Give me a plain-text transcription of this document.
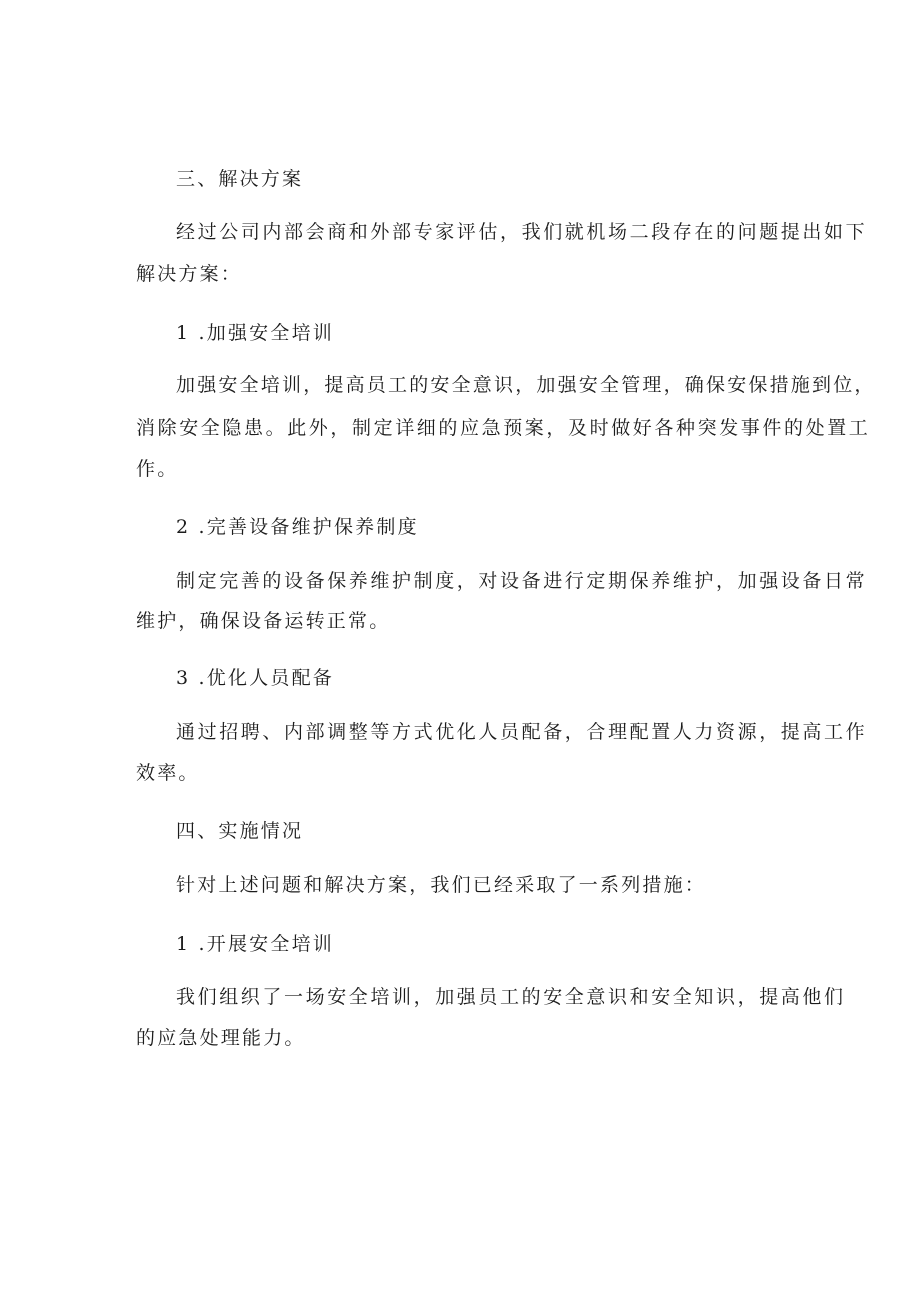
三、解决方案
经过公司内部会商和外部专家评估，我们就机场二段存在的问题提出如下
解决方案：
1 .加强安全培训
加强安全培训，提高员工的安全意识，加强安全管理，确保安保措施到位，
消除安全隐患。此外，制定详细的应急预案，及时做好各种突发事件的处置工
作。
2 .完善设备维护保养制度
制定完善的设备保养维护制度，对设备进行定期保养维护，加强设备日常
维护，确保设备运转正常。
3 .优化人员配备
通过招聘、内部调整等方式优化人员配备，合理配置人力资源，提高工作
效率。
四、实施情况
针对上述问题和解决方案，我们已经采取了一系列措施：
1 .开展安全培训
我们组织了一场安全培训，加强员工的安全意识和安全知识，提高他们
的应急处理能力。
